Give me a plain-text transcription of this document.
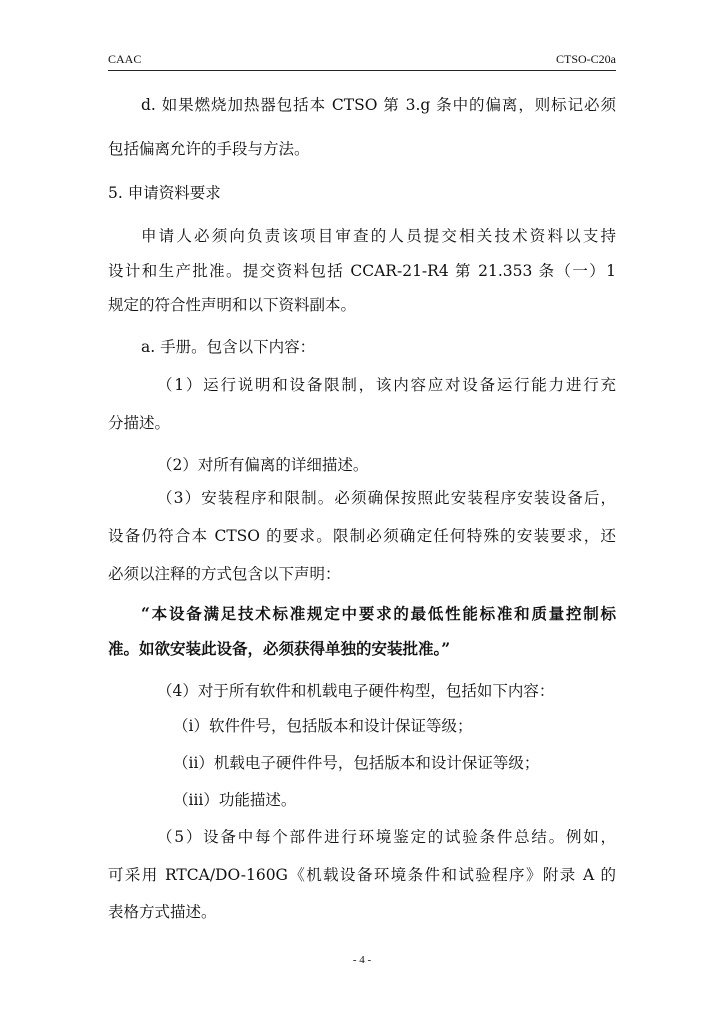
CAAC	CTSO-C20a
d. 如果燃烧加热器包括本 CTSO 第 3.g 条中的偏离，则标记必须
包括偏离允许的手段与方法。
5. 申请资料要求
申请人必须向负责该项目审查的人员提交相关技术资料以支持
设计和生产批准。提交资料包括 CCAR-21-R4 第 21.353 条（一）1
规定的符合性声明和以下资料副本。
a. 手册。包含以下内容：
（1）运行说明和设备限制，该内容应对设备运行能力进行充
分描述。
（2）对所有偏离的详细描述。
（3）安装程序和限制。必须确保按照此安装程序安装设备后，
设备仍符合本 CTSO 的要求。限制必须确定任何特殊的安装要求，还
必须以注释的方式包含以下声明：
“本设备满足技术标准规定中要求的最低性能标准和质量控制标
准。如欲安装此设备，必须获得单独的安装批准。”
（4）对于所有软件和机载电子硬件构型，包括如下内容：
（i）软件件号，包括版本和设计保证等级；
（ii）机载电子硬件件号，包括版本和设计保证等级；
（iii）功能描述。
（5）设备中每个部件进行环境鉴定的试验条件总结。例如，
可采用 RTCA/DO-160G《机载设备环境条件和试验程序》附录 A 的
表格方式描述。
- 4 -
